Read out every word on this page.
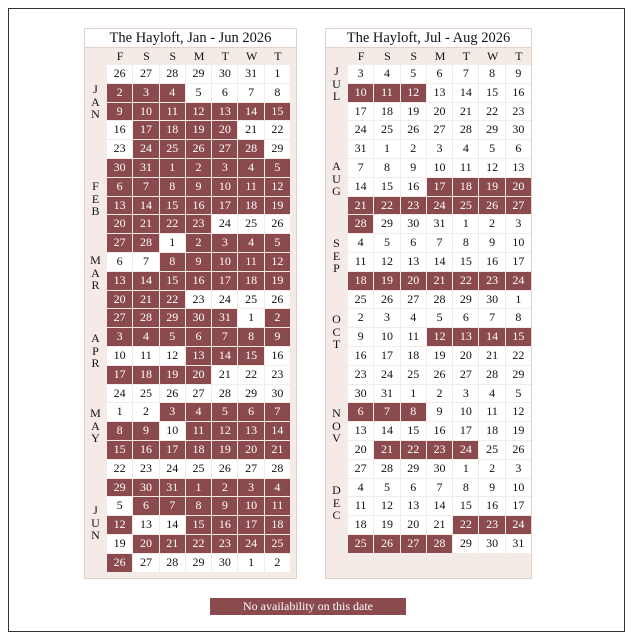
The Hayloft, Jan - Jun 2026
F	S	S	M	T	W	T
J
A
N
F
E
B
M
A
R
A
P
R
M
A
Y
J
U
N
26	27	28	29	30	31	1
2	3	4	5	6	7	8
9	10	11	12	13	14	15
16	17	18	19	20	21	22
23	24	25	26	27	28	29
30	31	1	2	3	4	5
6	7	8	9	10	11	12
13	14	15	16	17	18	19
20	21	22	23	24	25	26
27	28	1	2	3	4	5
6	7	8	9	10	11	12
13	14	15	16	17	18	19
20	21	22	23	24	25	26
27	28	29	30	31	1	2
3	4	5	6	7	8	9
10	11	12	13	14	15	16
17	18	19	20	21	22	23
24	25	26	27	28	29	30
1	2	3	4	5	6	7
8	9	10	11	12	13	14
15	16	17	18	19	20	21
22	23	24	25	26	27	28
29	30	31	1	2	3	4
5	6	7	8	9	10	11
12	13	14	15	16	17	18
19	20	21	22	23	24	25
26	27	28	29	30	1	2
The Hayloft, Jul - Aug 2026
F	S	S	M	T	W	T
J
U
L
A
U
G
S
E
P
O
C
T
N
O
V
D
E
C
3	4	5	6	7	8	9
10	11	12	13	14	15	16
17	18	19	20	21	22	23
24	25	26	27	28	29	30
31	1	2	3	4	5	6
7	8	9	10	11	12	13
14	15	16	17	18	19	20
21	22	23	24	25	26	27
28	29	30	31	1	2	3
4	5	6	7	8	9	10
11	12	13	14	15	16	17
18	19	20	21	22	23	24
25	26	27	28	29	30	1
2	3	4	5	6	7	8
9	10	11	12	13	14	15
16	17	18	19	20	21	22
23	24	25	26	27	28	29
30	31	1	2	3	4	5
6	7	8	9	10	11	12
13	14	15	16	17	18	19
20	21	22	23	24	25	26
27	28	29	30	1	2	3
4	5	6	7	8	9	10
11	12	13	14	15	16	17
18	19	20	21	22	23	24
25	26	27	28	29	30	31
No availability on this date
